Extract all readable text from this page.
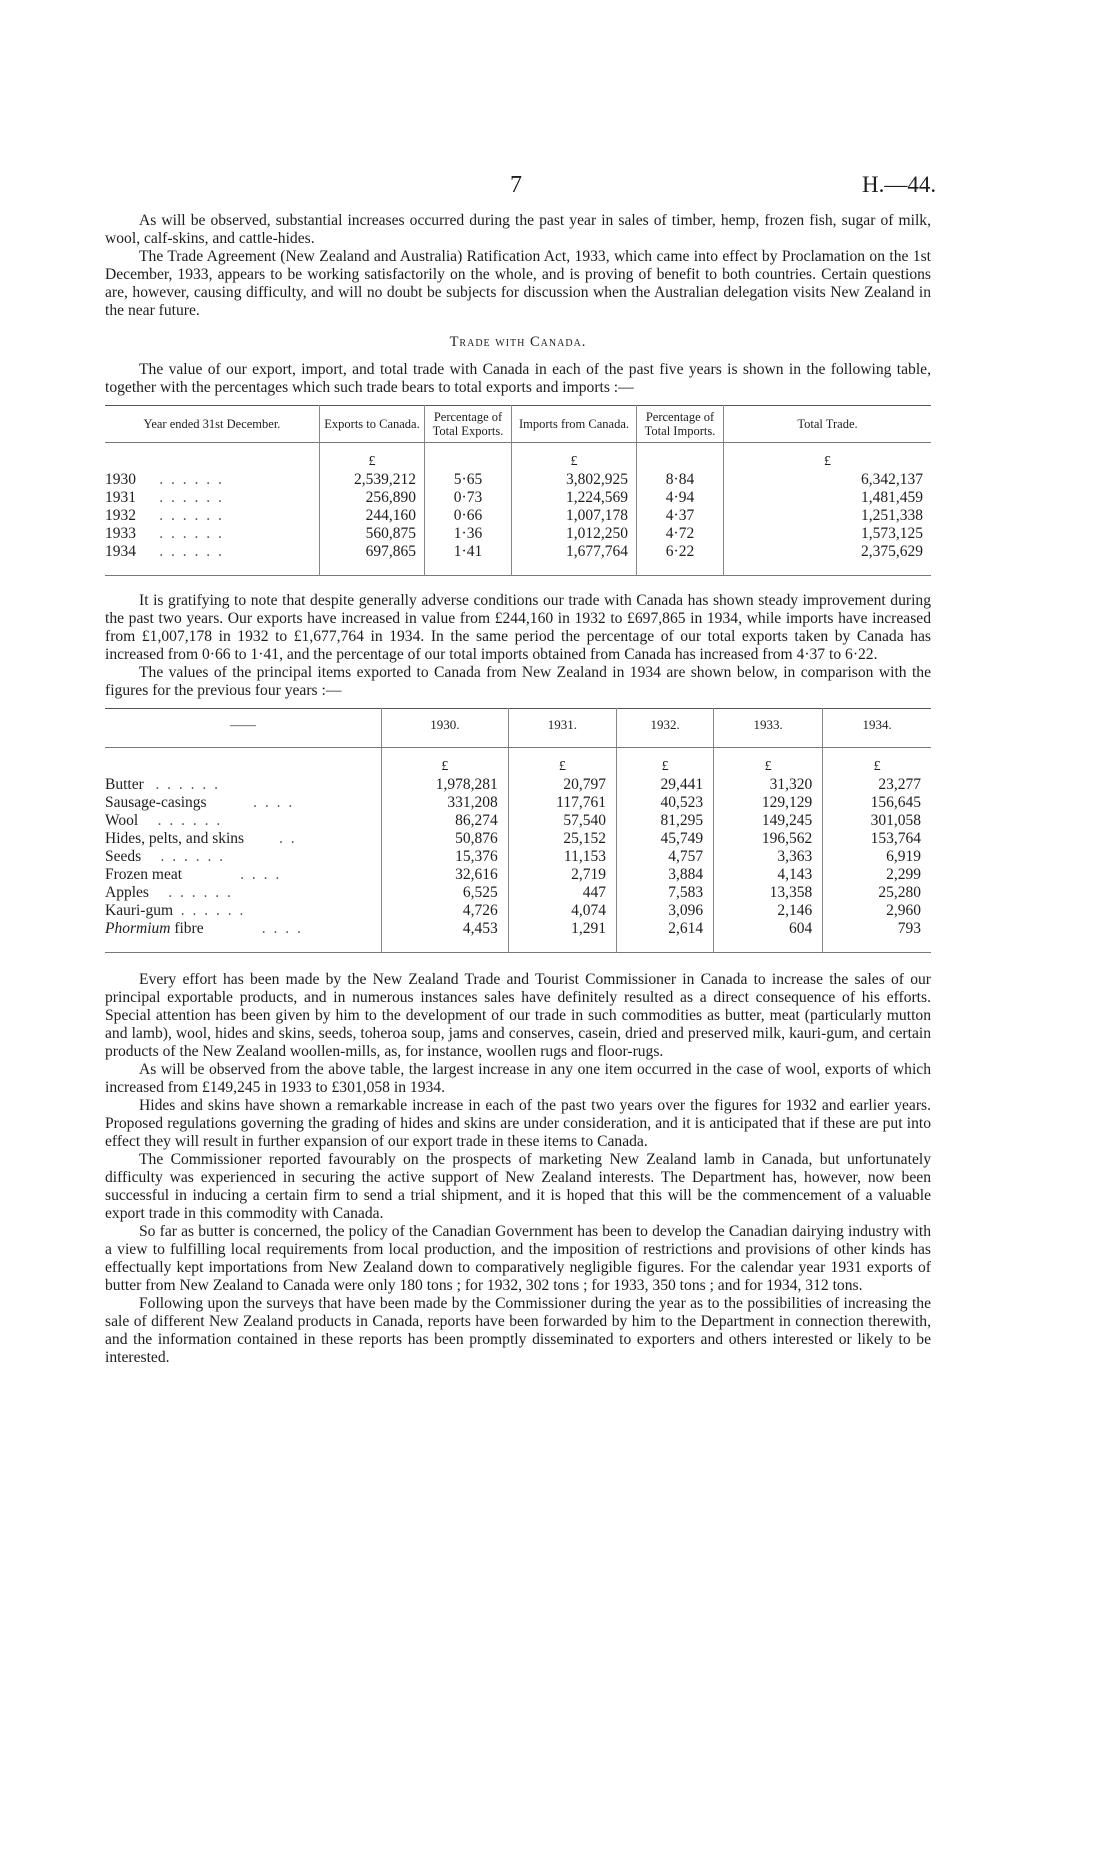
7	H.—44.

As will be observed, substantial increases occurred during the past year in sales of timber, hemp, frozen fish, sugar of milk, wool, calf-skins, and cattle-hides.

The Trade Agreement (New Zealand and Australia) Ratification Act, 1933, which came into effect by Proclamation on the 1st December, 1933, appears to be working satisfactorily on the whole, and is proving of benefit to both countries. Certain questions are, however, causing difficulty, and will no doubt be subjects for discussion when the Australian delegation visits New Zealand in the near future.

Trade with Canada.

The value of our export, import, and total trade with Canada in each of the past five years is shown in the following table, together with the percentages which such trade bears to total exports and imports :—

Year ended 31st December.	Exports to Canada.	Percentage of Total Exports.	Imports from Canada.	Percentage of Total Imports.	Total Trade.
	£		£		£
1930 . . . . . .	2,539,212	5·65	3,802,925	8·84	6,342,137
1931 . . . . . .	256,890	0·73	1,224,569	4·94	1,481,459
1932 . . . . . .	244,160	0·66	1,007,178	4·37	1,251,338
1933 . . . . . .	560,875	1·36	1,012,250	4·72	1,573,125
1934 . . . . . .	697,865	1·41	1,677,764	6·22	2,375,629

It is gratifying to note that despite generally adverse conditions our trade with Canada has shown steady improvement during the past two years. Our exports have increased in value from £244,160 in 1932 to £697,865 in 1934, while imports have increased from £1,007,178 in 1932 to £1,677,764 in 1934. In the same period the percentage of our total exports taken by Canada has increased from 0·66 to 1·41, and the percentage of our total imports obtained from Canada has increased from 4·37 to 6·22.

The values of the principal items exported to Canada from New Zealand in 1934 are shown below, in comparison with the figures for the previous four years :—

——	1930.	1931.	1932.	1933.	1934.
	£	£	£	£	£
Butter . . . . . .	1,978,281	20,797	29,441	31,320	23,277
Sausage-casings . . . .	331,208	117,761	40,523	129,129	156,645
Wool . . . . . .	86,274	57,540	81,295	149,245	301,058
Hides, pelts, and skins . .	50,876	25,152	45,749	196,562	153,764
Seeds . . . . . .	15,376	11,153	4,757	3,363	6,919
Frozen meat . . . .	32,616	2,719	3,884	4,143	2,299
Apples . . . . . .	6,525	447	7,583	13,358	25,280
Kauri-gum . . . . . .	4,726	4,074	3,096	2,146	2,960
Phormium fibre . . . .	4,453	1,291	2,614	604	793

Every effort has been made by the New Zealand Trade and Tourist Commissioner in Canada to increase the sales of our principal exportable products, and in numerous instances sales have definitely resulted as a direct consequence of his efforts. Special attention has been given by him to the development of our trade in such commodities as butter, meat (particularly mutton and lamb), wool, hides and skins, seeds, toheroa soup, jams and conserves, casein, dried and preserved milk, kauri-gum, and certain products of the New Zealand woollen-mills, as, for instance, woollen rugs and floor-rugs.

As will be observed from the above table, the largest increase in any one item occurred in the case of wool, exports of which increased from £149,245 in 1933 to £301,058 in 1934.

Hides and skins have shown a remarkable increase in each of the past two years over the figures for 1932 and earlier years. Proposed regulations governing the grading of hides and skins are under consideration, and it is anticipated that if these are put into effect they will result in further expansion of our export trade in these items to Canada.

The Commissioner reported favourably on the prospects of marketing New Zealand lamb in Canada, but unfortunately difficulty was experienced in securing the active support of New Zealand interests. The Department has, however, now been successful in inducing a certain firm to send a trial shipment, and it is hoped that this will be the commencement of a valuable export trade in this commodity with Canada.

So far as butter is concerned, the policy of the Canadian Government has been to develop the Canadian dairying industry with a view to fulfilling local requirements from local production, and the imposition of restrictions and provisions of other kinds has effectually kept importations from New Zealand down to comparatively negligible figures. For the calendar year 1931 exports of butter from New Zealand to Canada were only 180 tons ; for 1932, 302 tons ; for 1933, 350 tons ; and for 1934, 312 tons.

Following upon the surveys that have been made by the Commissioner during the year as to the possibilities of increasing the sale of different New Zealand products in Canada, reports have been forwarded by him to the Department in connection therewith, and the information contained in these reports has been promptly disseminated to exporters and others interested or likely to be interested.
